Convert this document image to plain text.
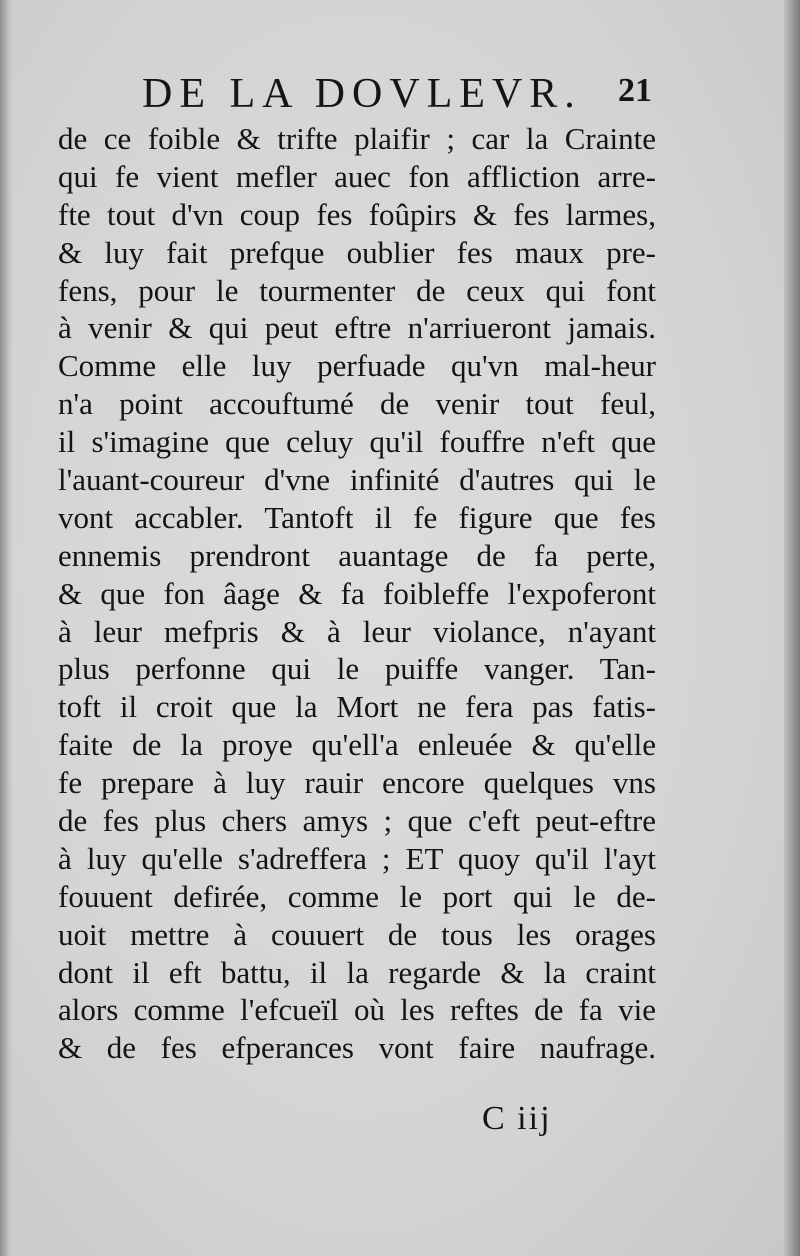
DE LA DOVLEVR. 21
de ce foible & trifte plaifir ; car la Crainte
qui fe vient mefler auec fon affliction arre-
fte tout d'vn coup fes foûpirs & fes larmes,
& luy fait prefque oublier fes maux pre-
fens, pour le tourmenter de ceux qui font
à venir & qui peut eftre n'arriueront jamais.
Comme elle luy perfuade qu'vn mal-heur
n'a point accouftumé de venir tout feul,
il s'imagine que celuy qu'il fouffre n'eft que
l'auant-coureur d'vne infinité d'autres qui le
vont accabler. Tantoft il fe figure que fes
ennemis prendront auantage de fa perte,
& que fon âage & fa foibleffe l'expoferont
à leur mefpris & à leur violance, n'ayant
plus perfonne qui le puiffe vanger. Tan-
toft il croit que la Mort ne fera pas fatis-
faite de la proye qu'ell'a enleuée & qu'elle
fe prepare à luy rauir encore quelques vns
de fes plus chers amys ; que c'eft peut-eftre
à luy qu'elle s'adreffera ; ET quoy qu'il l'ayt
fouuent defirée, comme le port qui le de-
uoit mettre à couuert de tous les orages
dont il eft battu, il la regarde & la craint
alors comme l'efcueïl où les reftes de fa vie
& de fes efperances vont faire naufrage.
C iij
